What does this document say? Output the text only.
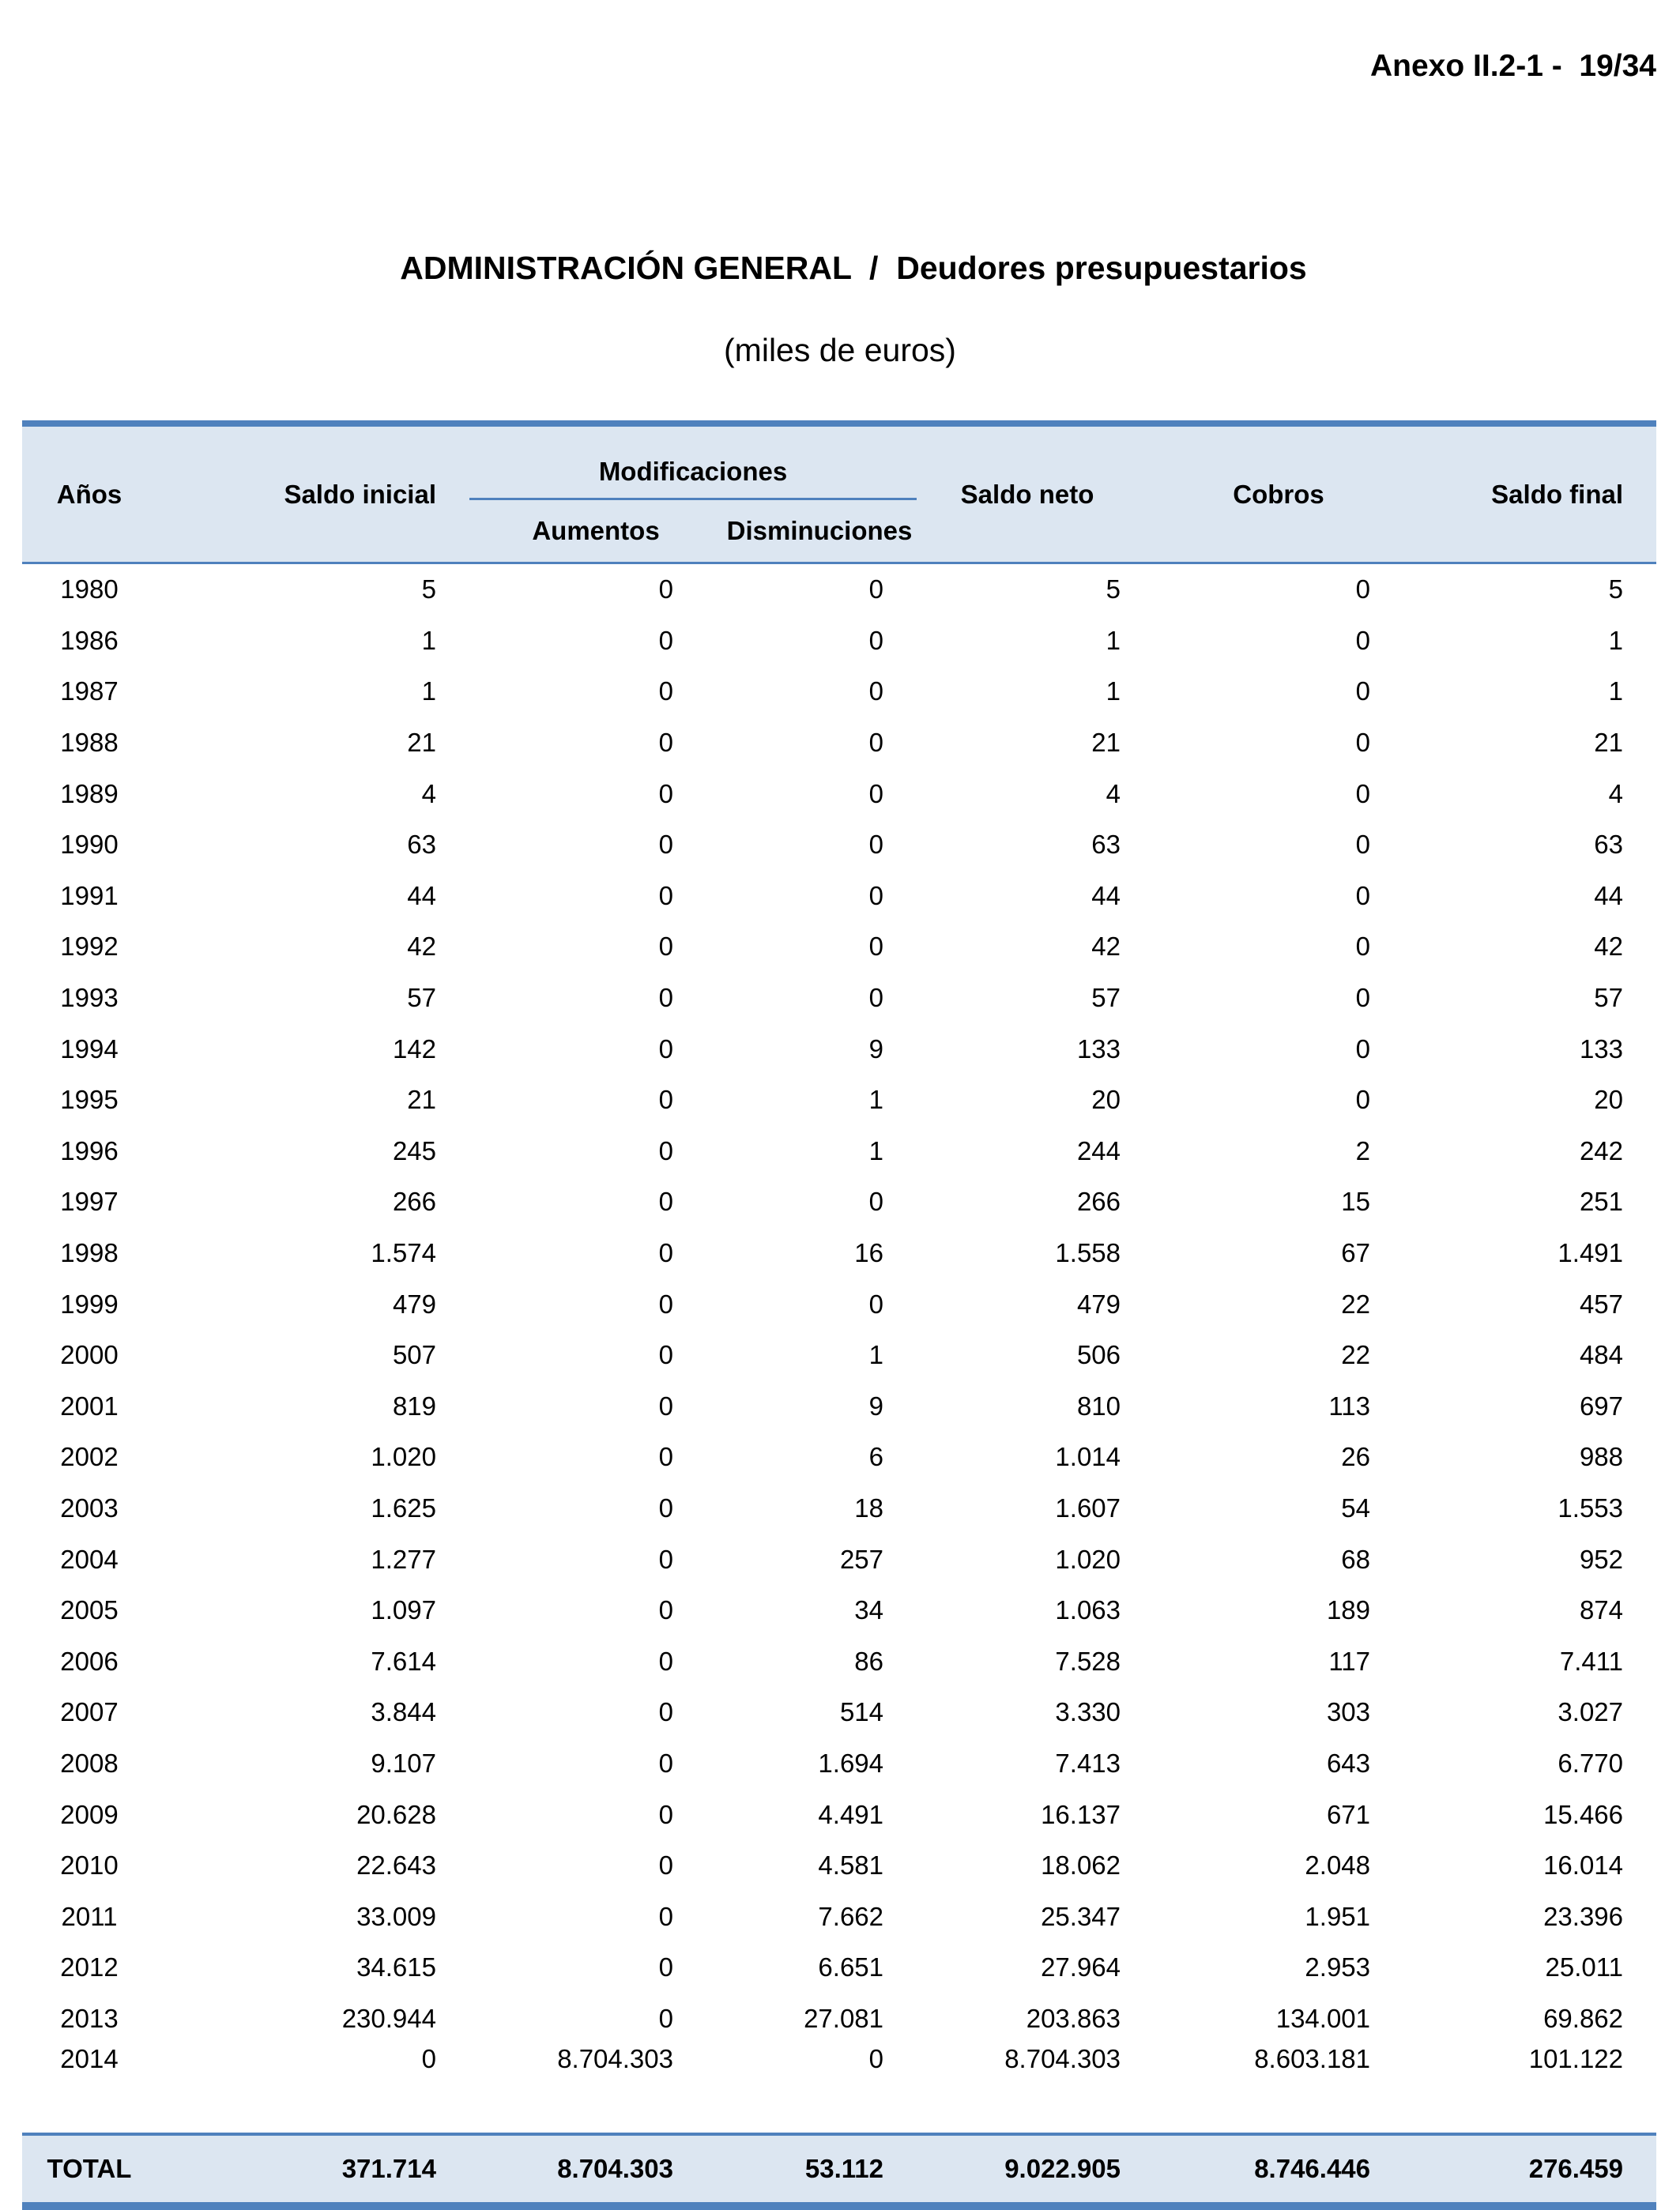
Anexo II.2-1 -  19/34
ADMINISTRACIÓN GENERAL  /  Deudores presupuestarios
(miles de euros)
Años	Saldo inicial	Modificaciones		Saldo neto	Cobros	Saldo final
		Aumentos	Disminuciones			
1980	5	0	0	5	0	5
1986	1	0	0	1	0	1
1987	1	0	0	1	0	1
1988	21	0	0	21	0	21
1989	4	0	0	4	0	4
1990	63	0	0	63	0	63
1991	44	0	0	44	0	44
1992	42	0	0	42	0	42
1993	57	0	0	57	0	57
1994	142	0	9	133	0	133
1995	21	0	1	20	0	20
1996	245	0	1	244	2	242
1997	266	0	0	266	15	251
1998	1.574	0	16	1.558	67	1.491
1999	479	0	0	479	22	457
2000	507	0	1	506	22	484
2001	819	0	9	810	113	697
2002	1.020	0	6	1.014	26	988
2003	1.625	0	18	1.607	54	1.553
2004	1.277	0	257	1.020	68	952
2005	1.097	0	34	1.063	189	874
2006	7.614	0	86	7.528	117	7.411
2007	3.844	0	514	3.330	303	3.027
2008	9.107	0	1.694	7.413	643	6.770
2009	20.628	0	4.491	16.137	671	15.466
2010	22.643	0	4.581	18.062	2.048	16.014
2011	33.009	0	7.662	25.347	1.951	23.396
2012	34.615	0	6.651	27.964	2.953	25.011
2013	230.944	0	27.081	203.863	134.001	69.862
2014	0	8.704.303	0	8.704.303	8.603.181	101.122

TOTAL	371.714	8.704.303	53.112	9.022.905	8.746.446	276.459
